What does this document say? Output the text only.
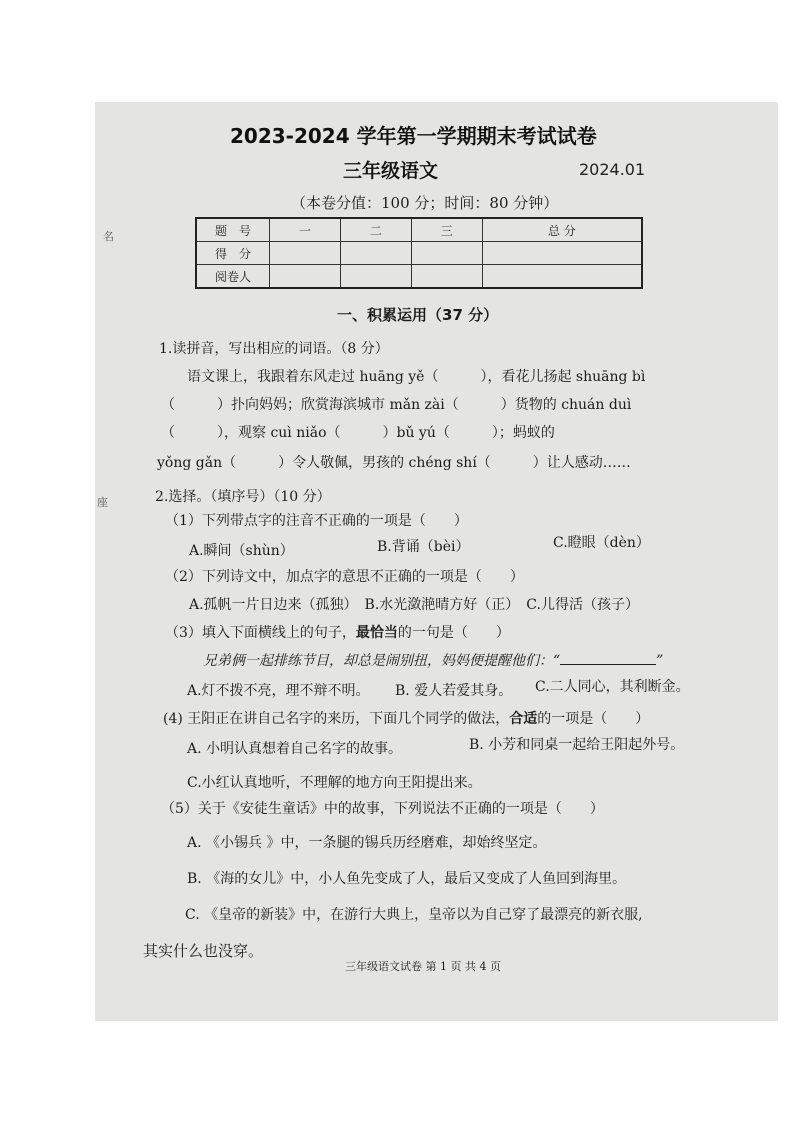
名
座
2023-2024 学年第一学期期末考试试卷
三年级语文	2024.01
（本卷分值：100 分；时间：80 分钟）
题　号	一	二	三	总 分
得　分				
阅卷人				
一、积累运用（37 分）
1.读拼音，写出相应的词语。（8 分）
语文课上，我跟着东风走过 huāng yě（　　　），看花儿扬起 shuāng bì
（　　　）扑向妈妈；欣赏海滨城市 mǎn zài（　　　）货物的 chuán duì
（　　　），观察 cuì niǎo（　　　）bǔ yú（　　　）；蚂蚁的
yǒng gǎn（　　　）令人敬佩，男孩的 chéng shí（　　　）让人感动……
2.选择。（填序号）（10 分）
（1）下列带点字的注音不正确的一项是（　　）
A.瞬间（shùn）	B.背诵（bèi）	C.瞪眼（dèn）
（2）下列诗文中，加点字的意思不正确的一项是（　　）
A.孤帆一片日边来（孤独）　B.水光潋滟晴方好（正）　C.儿得活（孩子）
（3）填入下面横线上的句子，最恰当的一句是（　　）
兄弟俩一起排练节目，却总是闹别扭，妈妈便提醒他们：“	”
A.灯不拨不亮，理不辩不明。 B. 爱人若爱其身。 C.二人同心，其利断金。
(4) 王阳正在讲自己名字的来历，下面几个同学的做法，合适的一项是（　　）
A. 小明认真想着自己名字的故事。	B. 小芳和同桌一起给王阳起外号。
C.小红认真地听，不理解的地方向王阳提出来。
（5）关于《安徒生童话》中的故事，下列说法不正确的一项是（　　）
A. 《小锡兵 》中，一条腿的锡兵历经磨难，却始终坚定。
B. 《海的女儿》中，小人鱼先变成了人，最后又变成了人鱼回到海里。
C. 《皇帝的新装》中，在游行大典上，皇帝以为自己穿了最漂亮的新衣服,
其实什么也没穿。
三年级语文试卷 第 1 页 共 4 页
